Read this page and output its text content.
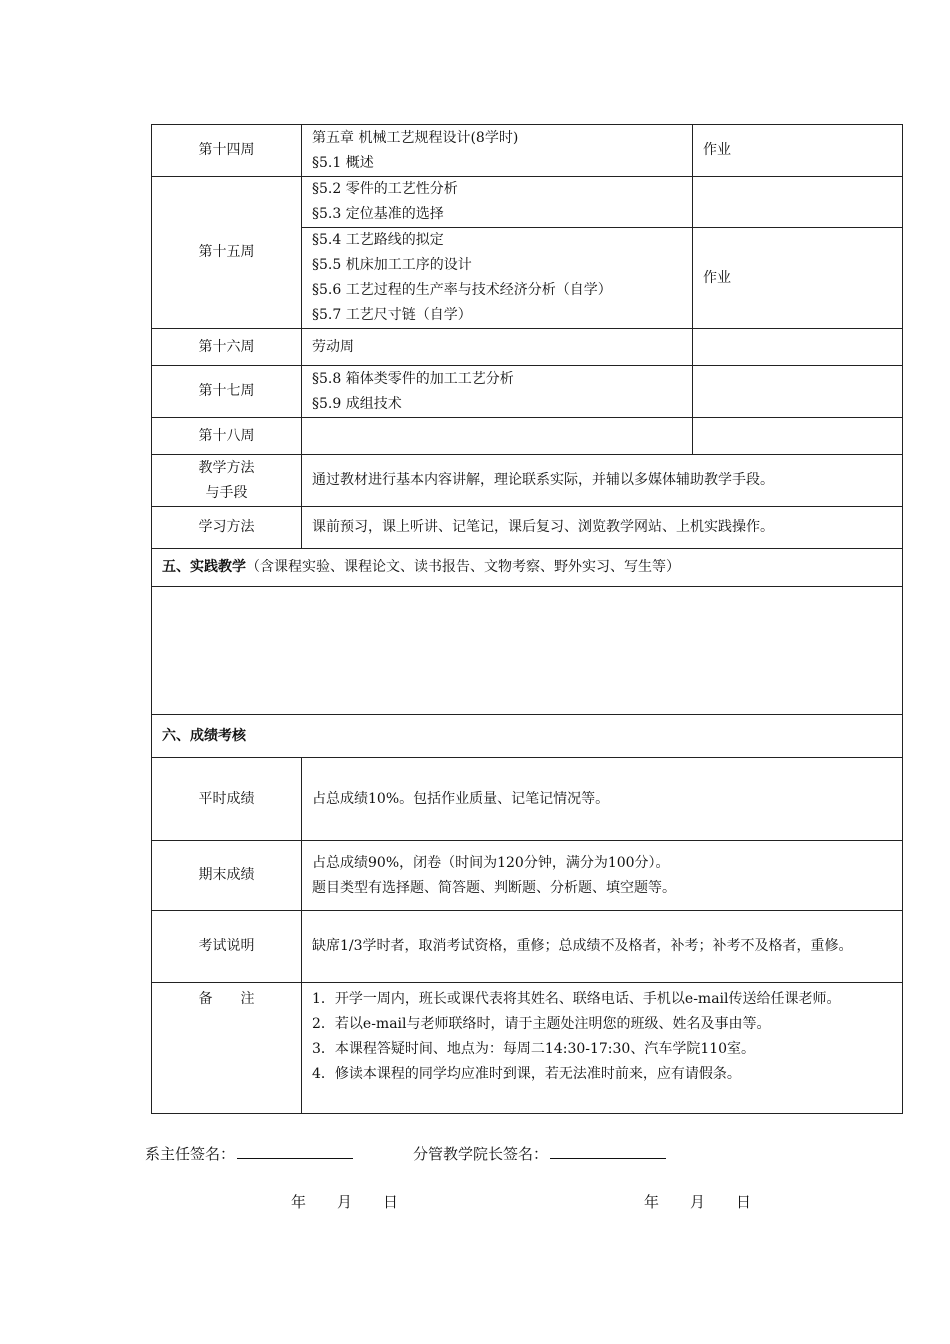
第十四周	第五章 机械工艺规程设计(8学时)
§5.1 概述	作业
第十五周	§5.2 零件的工艺性分析
§5.3 定位基准的选择	

	§5.4 工艺路线的拟定
§5.5 机床加工工序的设计
§5.6 工艺过程的生产率与技术经济分析（自学）
§5.7 工艺尺寸链（自学）	作业
第十六周	劳动周	

第十七周	§5.8 箱体类零件的加工工艺分析
§5.9 成组技术	

第十八周		

教学方法
与手段	通过教材进行基本内容讲解，理论联系实际，并辅以多媒体辅助教学手段。	
学习方法	课前预习，课上听讲、记笔记，课后复习、浏览教学网站、上机实践操作。	
五、实践教学（含课程实验、课程论文、读书报告、文物考察、野外实习、写生等）		

六、成绩考核		
平时成绩	占总成绩10%。包括作业质量、记笔记情况等。	
期末成绩	占总成绩90%，闭卷（时间为120分钟，满分为100分）。
题目类型有选择题、简答题、判断题、分析题、填空题等。	

考试说明	缺席1/3学时者，取消考试资格，重修；总成绩不及格者，补考；补考不及格者，重修。	

备　　注	1．开学一周内，班长或课代表将其姓名、联络电话、手机以e-mail传送给任课老师。
2．若以e-mail与老师联络时，请于主题处注明您的班级、姓名及事由等。
3．本课程答疑时间、地点为：每周二14:30-17:30、汽车学院110室。
4．修读本课程的同学均应准时到课，若无法准时前来，应有请假条。	
系主任签名：	分管教学院长签名：
年 月 日	年 月 日
